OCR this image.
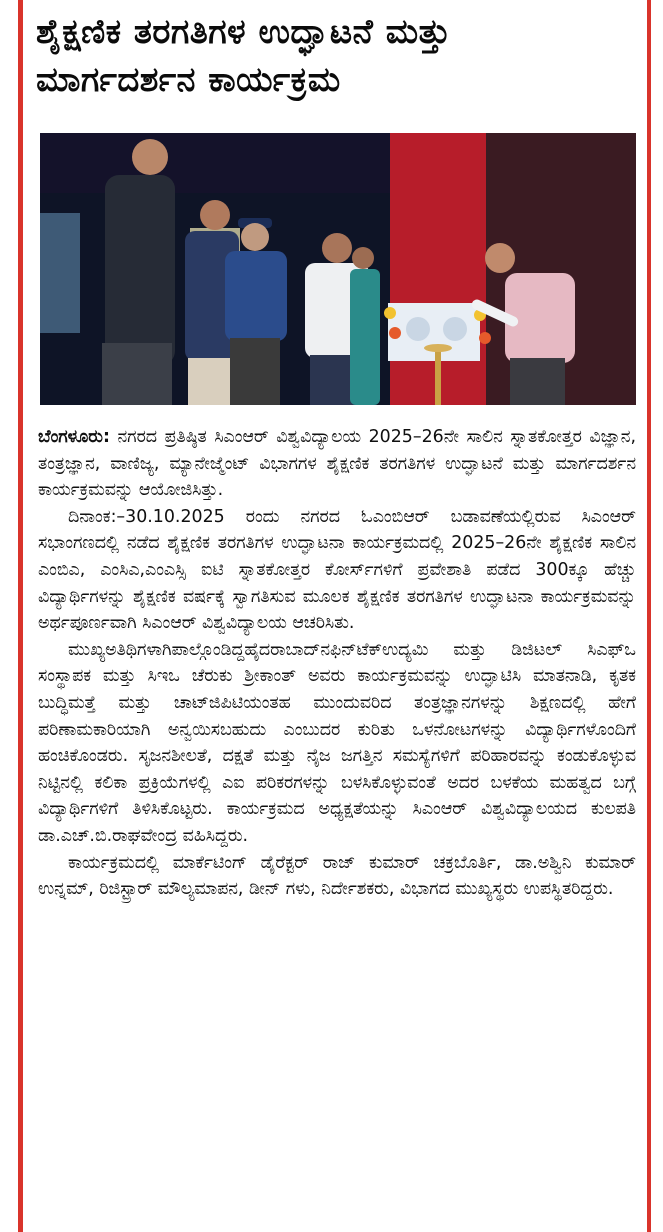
ಶೈಕ್ಷಣಿಕ ತರಗತಿಗಳ ಉದ್ಘಾಟನೆ ಮತ್ತು
ಮಾರ್ಗದರ್ಶನ ಕಾರ್ಯಕ್ರಮ

ಬೆಂಗಳೂರು: ನಗರದ ಪ್ರತಿಷ್ಠಿತ ಸಿಎಂಆರ್ ವಿಶ್ವವಿದ್ಯಾಲಯ 2025–26ನೇ ಸಾಲಿನ ಸ್ನಾತಕೋತ್ತರ ವಿಜ್ಞಾನ, ತಂತ್ರಜ್ಞಾನ, ವಾಣಿಜ್ಯ, ಮ್ಯಾನೇಜ್ಮೆಂಟ್ ವಿಭಾಗಗಳ ಶೈಕ್ಷಣಿಕ ತರಗತಿಗಳ ಉದ್ಘಾಟನೆ ಮತ್ತು ಮಾರ್ಗದರ್ಶನ ಕಾರ್ಯಕ್ರಮವನ್ನು ಆಯೋಜಿಸಿತ್ತು.

ದಿನಾಂಕ:–30.10.2025 ರಂದು ನಗರದ ಓಎಂಬಿಆರ್ ಬಡಾವಣೆಯಲ್ಲಿರುವ ಸಿಎಂಆರ್ ಸಭಾಂಗಣದಲ್ಲಿ ನಡೆದ ಶೈಕ್ಷಣಿಕ ತರಗತಿಗಳ ಉದ್ಘಾಟನಾ ಕಾರ್ಯಕ್ರಮದಲ್ಲಿ 2025–26ನೇ ಶೈಕ್ಷಣಿಕ ಸಾಲಿನ ಎಂಬಿಎ, ಎಂಸಿಎ,ಎಂಎಸ್ಸಿ ಐಟಿ ಸ್ನಾತಕೋತ್ತರ ಕೋರ್ಸ್‌ಗಳಿಗೆ ಪ್ರವೇಶಾತಿ ಪಡೆದ 300ಕ್ಕೂ ಹೆಚ್ಚು ವಿದ್ಯಾರ್ಥಿಗಳನ್ನು ಶೈಕ್ಷಣಿಕ ವರ್ಷಕ್ಕೆ ಸ್ವಾಗತಿಸುವ ಮೂಲಕ ಶೈಕ್ಷಣಿಕ ತರಗತಿಗಳ ಉದ್ಘಾಟನಾ ಕಾರ್ಯಕ್ರಮವನ್ನು ಅರ್ಥಪೂರ್ಣವಾಗಿ ಸಿಎಂಆರ್ ವಿಶ್ವವಿದ್ಯಾಲಯ ಆಚರಿಸಿತು.

ಮುಖ್ಯಅತಿಥಿಗಳಾಗಿಪಾಲ್ಗೊಂಡಿದ್ದಹೈದರಾಬಾದ್‌ನಫಿನ್‌ಟೆಕ್‌ಉದ್ಯಮಿ ಮತ್ತು ಡಿಜಿಟಲ್ ಸಿಎಫ್‌ಒ ಸಂಸ್ಥಾಪಕ ಮತ್ತು ಸಿಇಒ ಚೆರುಕು ಶ್ರೀಕಾಂತ್ ಅವರು ಕಾರ್ಯಕ್ರಮವನ್ನು ಉದ್ಘಾಟಿಸಿ ಮಾತನಾಡಿ, ಕೃತಕ ಬುದ್ಧಿಮತ್ತೆ ಮತ್ತು ಚಾಟ್‌ಜಿಪಿಟಿಯಂತಹ ಮುಂದುವರಿದ ತಂತ್ರಜ್ಞಾನಗಳನ್ನು ಶಿಕ್ಷಣದಲ್ಲಿ ಹೇಗೆ ಪರಿಣಾಮಕಾರಿಯಾಗಿ ಅನ್ವಯಿಸಬಹುದು ಎಂಬುದರ ಕುರಿತು ಒಳನೋಟಗಳನ್ನು ವಿದ್ಯಾರ್ಥಿಗಳೊಂದಿಗೆ ಹಂಚಿಕೊಂಡರು. ಸೃಜನಶೀಲತೆ, ದಕ್ಷತೆ ಮತ್ತು ನೈಜ ಜಗತ್ತಿನ ಸಮಸ್ಯೆಗಳಿಗೆ ಪರಿಹಾರವನ್ನು ಕಂಡುಕೊಳ್ಳುವ ನಿಟ್ಟಿನಲ್ಲಿ ಕಲಿಕಾ ಪ್ರಕ್ರಿಯೆಗಳಲ್ಲಿ ಎಐ ಪರಿಕರಗಳನ್ನು ಬಳಸಿಕೊಳ್ಳುವಂತೆ ಅದರ ಬಳಕೆಯ ಮಹತ್ವದ ಬಗ್ಗೆ ವಿದ್ಯಾರ್ಥಿಗಳಿಗೆ ತಿಳಿಸಿಕೊಟ್ಟರು. ಕಾರ್ಯಕ್ರಮದ ಅಧ್ಯಕ್ಷತೆಯನ್ನು ಸಿಎಂಆರ್ ವಿಶ್ವವಿದ್ಯಾಲಯದ ಕುಲಪತಿ ಡಾ.ಎಚ್.ಬಿ.ರಾಘವೇಂದ್ರ ವಹಿಸಿದ್ದರು.

ಕಾರ್ಯಕ್ರಮದಲ್ಲಿ ಮಾರ್ಕೆಟಿಂಗ್ ಡೈರೆಕ್ಟರ್ ರಾಜ್ ಕುಮಾರ್ ಚಕ್ರಬೊರ್ತಿ, ಡಾ.ಅಶ್ವಿನಿ ಕುಮಾರ್ ಉನ್ನಮ್, ರಿಜಿಸ್ಟ್ರಾರ್ ಮೌಲ್ಯಮಾಪನ, ಡೀನ್ ಗಳು, ನಿರ್ದೇಶಕರು, ವಿಭಾಗದ ಮುಖ್ಯಸ್ಥರು ಉಪಸ್ಥಿತರಿದ್ದರು.
